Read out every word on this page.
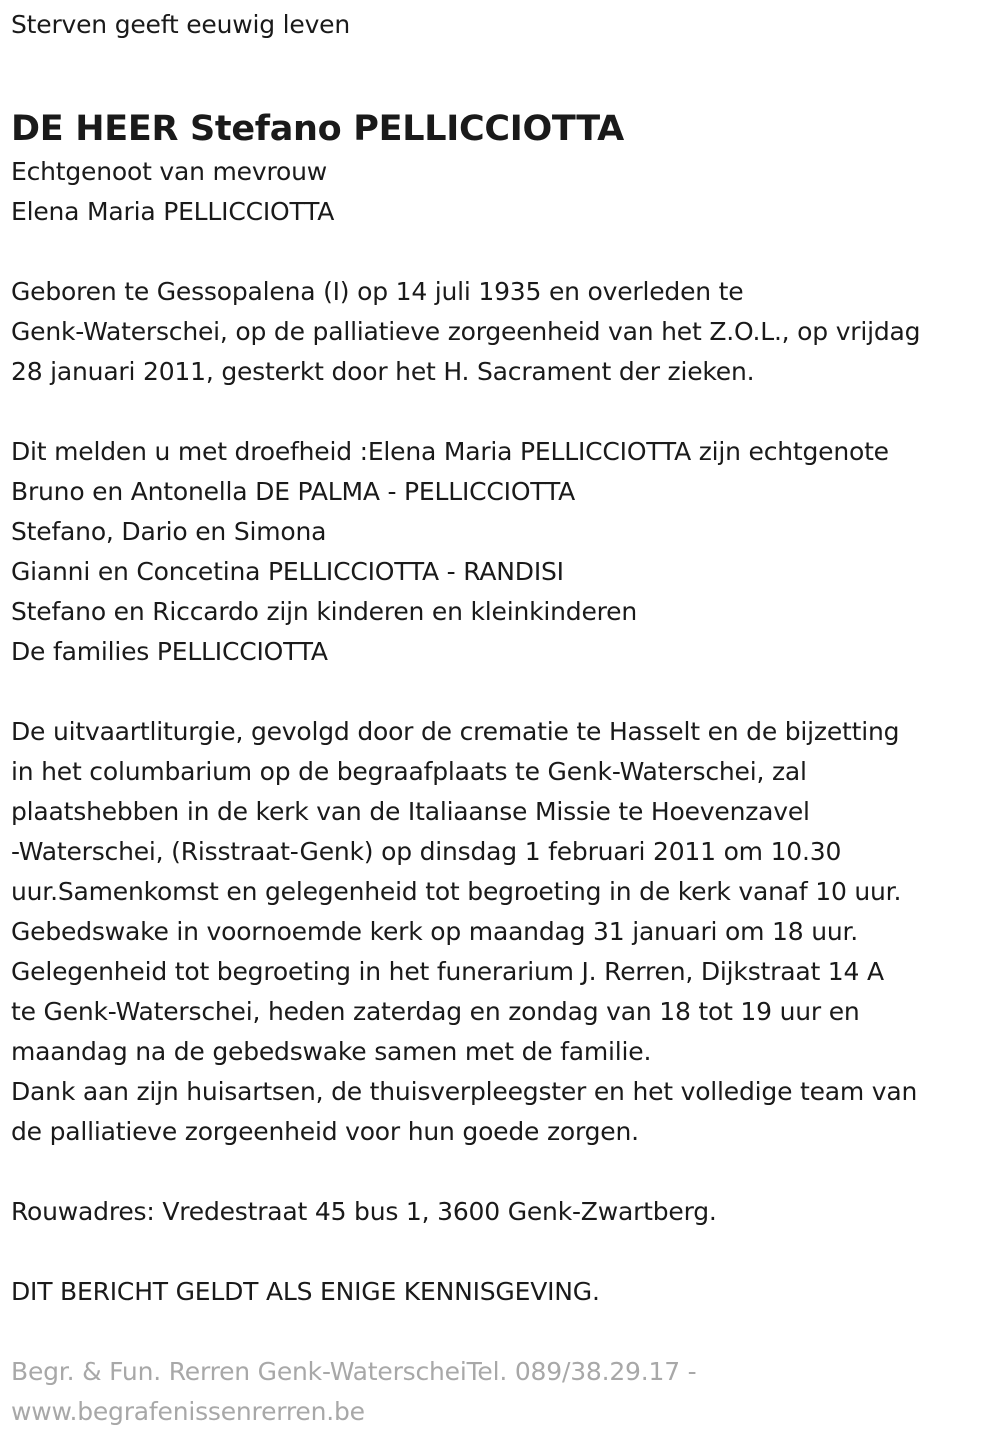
Sterven geeft eeuwig leven
DE HEER Stefano PELLICCIOTTA
Echtgenoot van mevrouw
Elena Maria PELLICCIOTTA
Geboren te Gessopalena (I) op 14 juli 1935 en overleden te
Genk-Waterschei, op de palliatieve zorgeenheid van het Z.O.L., op vrijdag
28 januari 2011, gesterkt door het H. Sacrament der zieken.
Dit melden u met droefheid :Elena Maria PELLICCIOTTA zijn echtgenote
Bruno en Antonella DE PALMA - PELLICCIOTTA
Stefano, Dario en Simona
Gianni en Concetina PELLICCIOTTA - RANDISI
Stefano en Riccardo zijn kinderen en kleinkinderen
De families PELLICCIOTTA
De uitvaartliturgie, gevolgd door de crematie te Hasselt en de bijzetting
in het columbarium op de begraafplaats te Genk-Waterschei, zal
plaatshebben in de kerk van de Italiaanse Missie te Hoevenzavel
-Waterschei, (Risstraat-Genk) op dinsdag 1 februari 2011 om 10.30
uur.Samenkomst en gelegenheid tot begroeting in de kerk vanaf 10 uur.
Gebedswake in voornoemde kerk op maandag 31 januari om 18 uur.
Gelegenheid tot begroeting in het funerarium J. Rerren, Dijkstraat 14 A
te Genk-Waterschei, heden zaterdag en zondag van 18 tot 19 uur en
maandag na de gebedswake samen met de familie.
Dank aan zijn huisartsen, de thuisverpleegster en het volledige team van
de palliatieve zorgeenheid voor hun goede zorgen.
Rouwadres: Vredestraat 45 bus 1, 3600 Genk-Zwartberg.
DIT BERICHT GELDT ALS ENIGE KENNISGEVING.
Begr. & Fun. Rerren Genk-WaterscheiTel. 089/38.29.17 -
www.begrafenissenrerren.be
